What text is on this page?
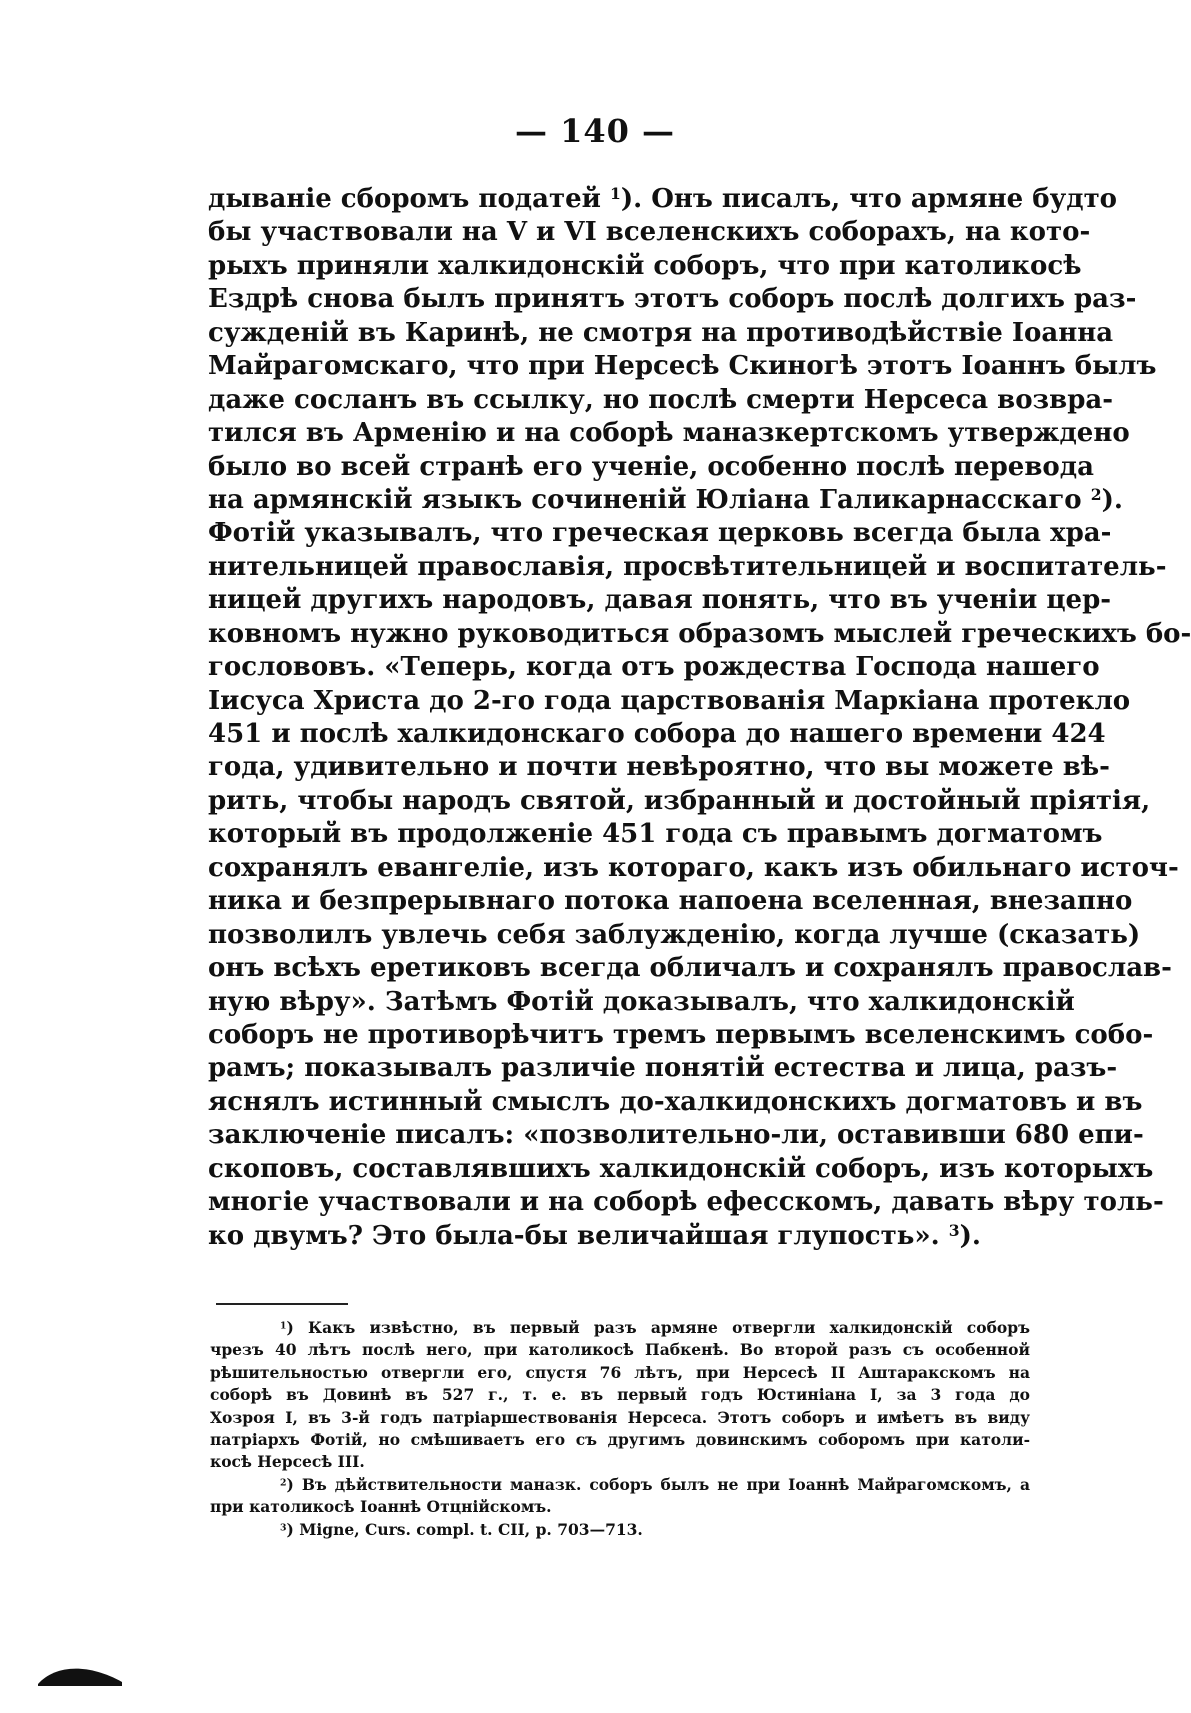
— 140 —
дываніе сборомъ податей $^1$). Онъ писалъ, что армяне будто
бы участвовали на V и VI вселенскихъ соборахъ, на кото-
рыхъ приняли халкидонскій соборъ, что при католикосѣ
Ездрѣ снова былъ принятъ этотъ соборъ послѣ долгихъ раз-
сужденій въ Каринѣ, не смотря на противодѣйствіе Іоанна
Майрагомскаго, что при Нерсесѣ Скиногѣ этотъ Іоаннъ былъ
даже сосланъ въ ссылку, но послѣ смерти Нерсеса возвра-
тился въ Арменію и на соборѣ маназкертскомъ утверждено
было во всей странѣ его ученіе, особенно послѣ перевода
на армянскій языкъ сочиненій Юліана Галикарнасскаго $^2$).
Фотій указывалъ, что греческая церковь всегда была хра-
нительницей православія, просвѣтительницей и воспитатель-
ницей другихъ народовъ, давая понять, что въ ученіи цер-
ковномъ нужно руководиться образомъ мыслей греческихъ бо-
гослововъ. «Теперь, когда отъ рождества Господа нашего
Іисуса Христа до 2-го года царствованія Маркіана протекло
451 и послѣ халкидонскаго собора до нашего времени 424
года, удивительно и почти невѣроятно, что вы можете вѣ-
рить, чтобы народъ святой, избранный и достойный пріятія,
который въ продолженіе 451 года съ правымъ догматомъ
сохранялъ евангеліе, изъ котораго, какъ изъ обильнаго источ-
ника и безпрерывнаго потока напоена вселенная, внезапно
позволилъ увлечь себя заблужденію, когда лучше (сказать)
онъ всѣхъ еретиковъ всегда обличалъ и сохранялъ православ-
ную вѣру». Затѣмъ Фотій доказывалъ, что халкидонскій
соборъ не противорѣчитъ тремъ первымъ вселенскимъ собо-
рамъ; показывалъ различіе понятій естества и лица, разъ-
яснялъ истинный смыслъ до-халкидонскихъ догматовъ и въ
заключеніе писалъ: «позволительно-ли, оставивши 680 епи-
скоповъ, составлявшихъ халкидонскій соборъ, изъ которыхъ
многіе участвовали и на соборѣ ефесскомъ, давать вѣру толь-
ко двумъ? Это была-бы величайшая глупость». $^3$).
$^1$) Какъ извѣстно, въ первый разъ армяне отвергли халкидонскій соборъ
чрезъ 40 лѣтъ послѣ него, при католикосѣ Пабкенѣ. Во второй разъ съ особенной
рѣшительностью отвергли его, спустя 76 лѣтъ, при Нерсесѣ II Аштаракскомъ на
соборѣ въ Довинѣ въ 527 г., т. е. въ первый годъ Юстиніана I, за 3 года до
Хозроя I, въ 3-й годъ патріаршествованія Нерсеса. Этотъ соборъ и имѣетъ въ виду
патріархъ Фотій, но смѣшиваетъ его съ другимъ довинскимъ соборомъ при католи-
косѣ Нерсесѣ III.
$^2$) Въ дѣйствительности маназк. соборъ былъ не при Іоаннѣ Майрагомскомъ, а
при католикосѣ Іоаннѣ Отцнійскомъ.
$^3$) Migne, Curs. compl. t. CII, p. 703—713.
